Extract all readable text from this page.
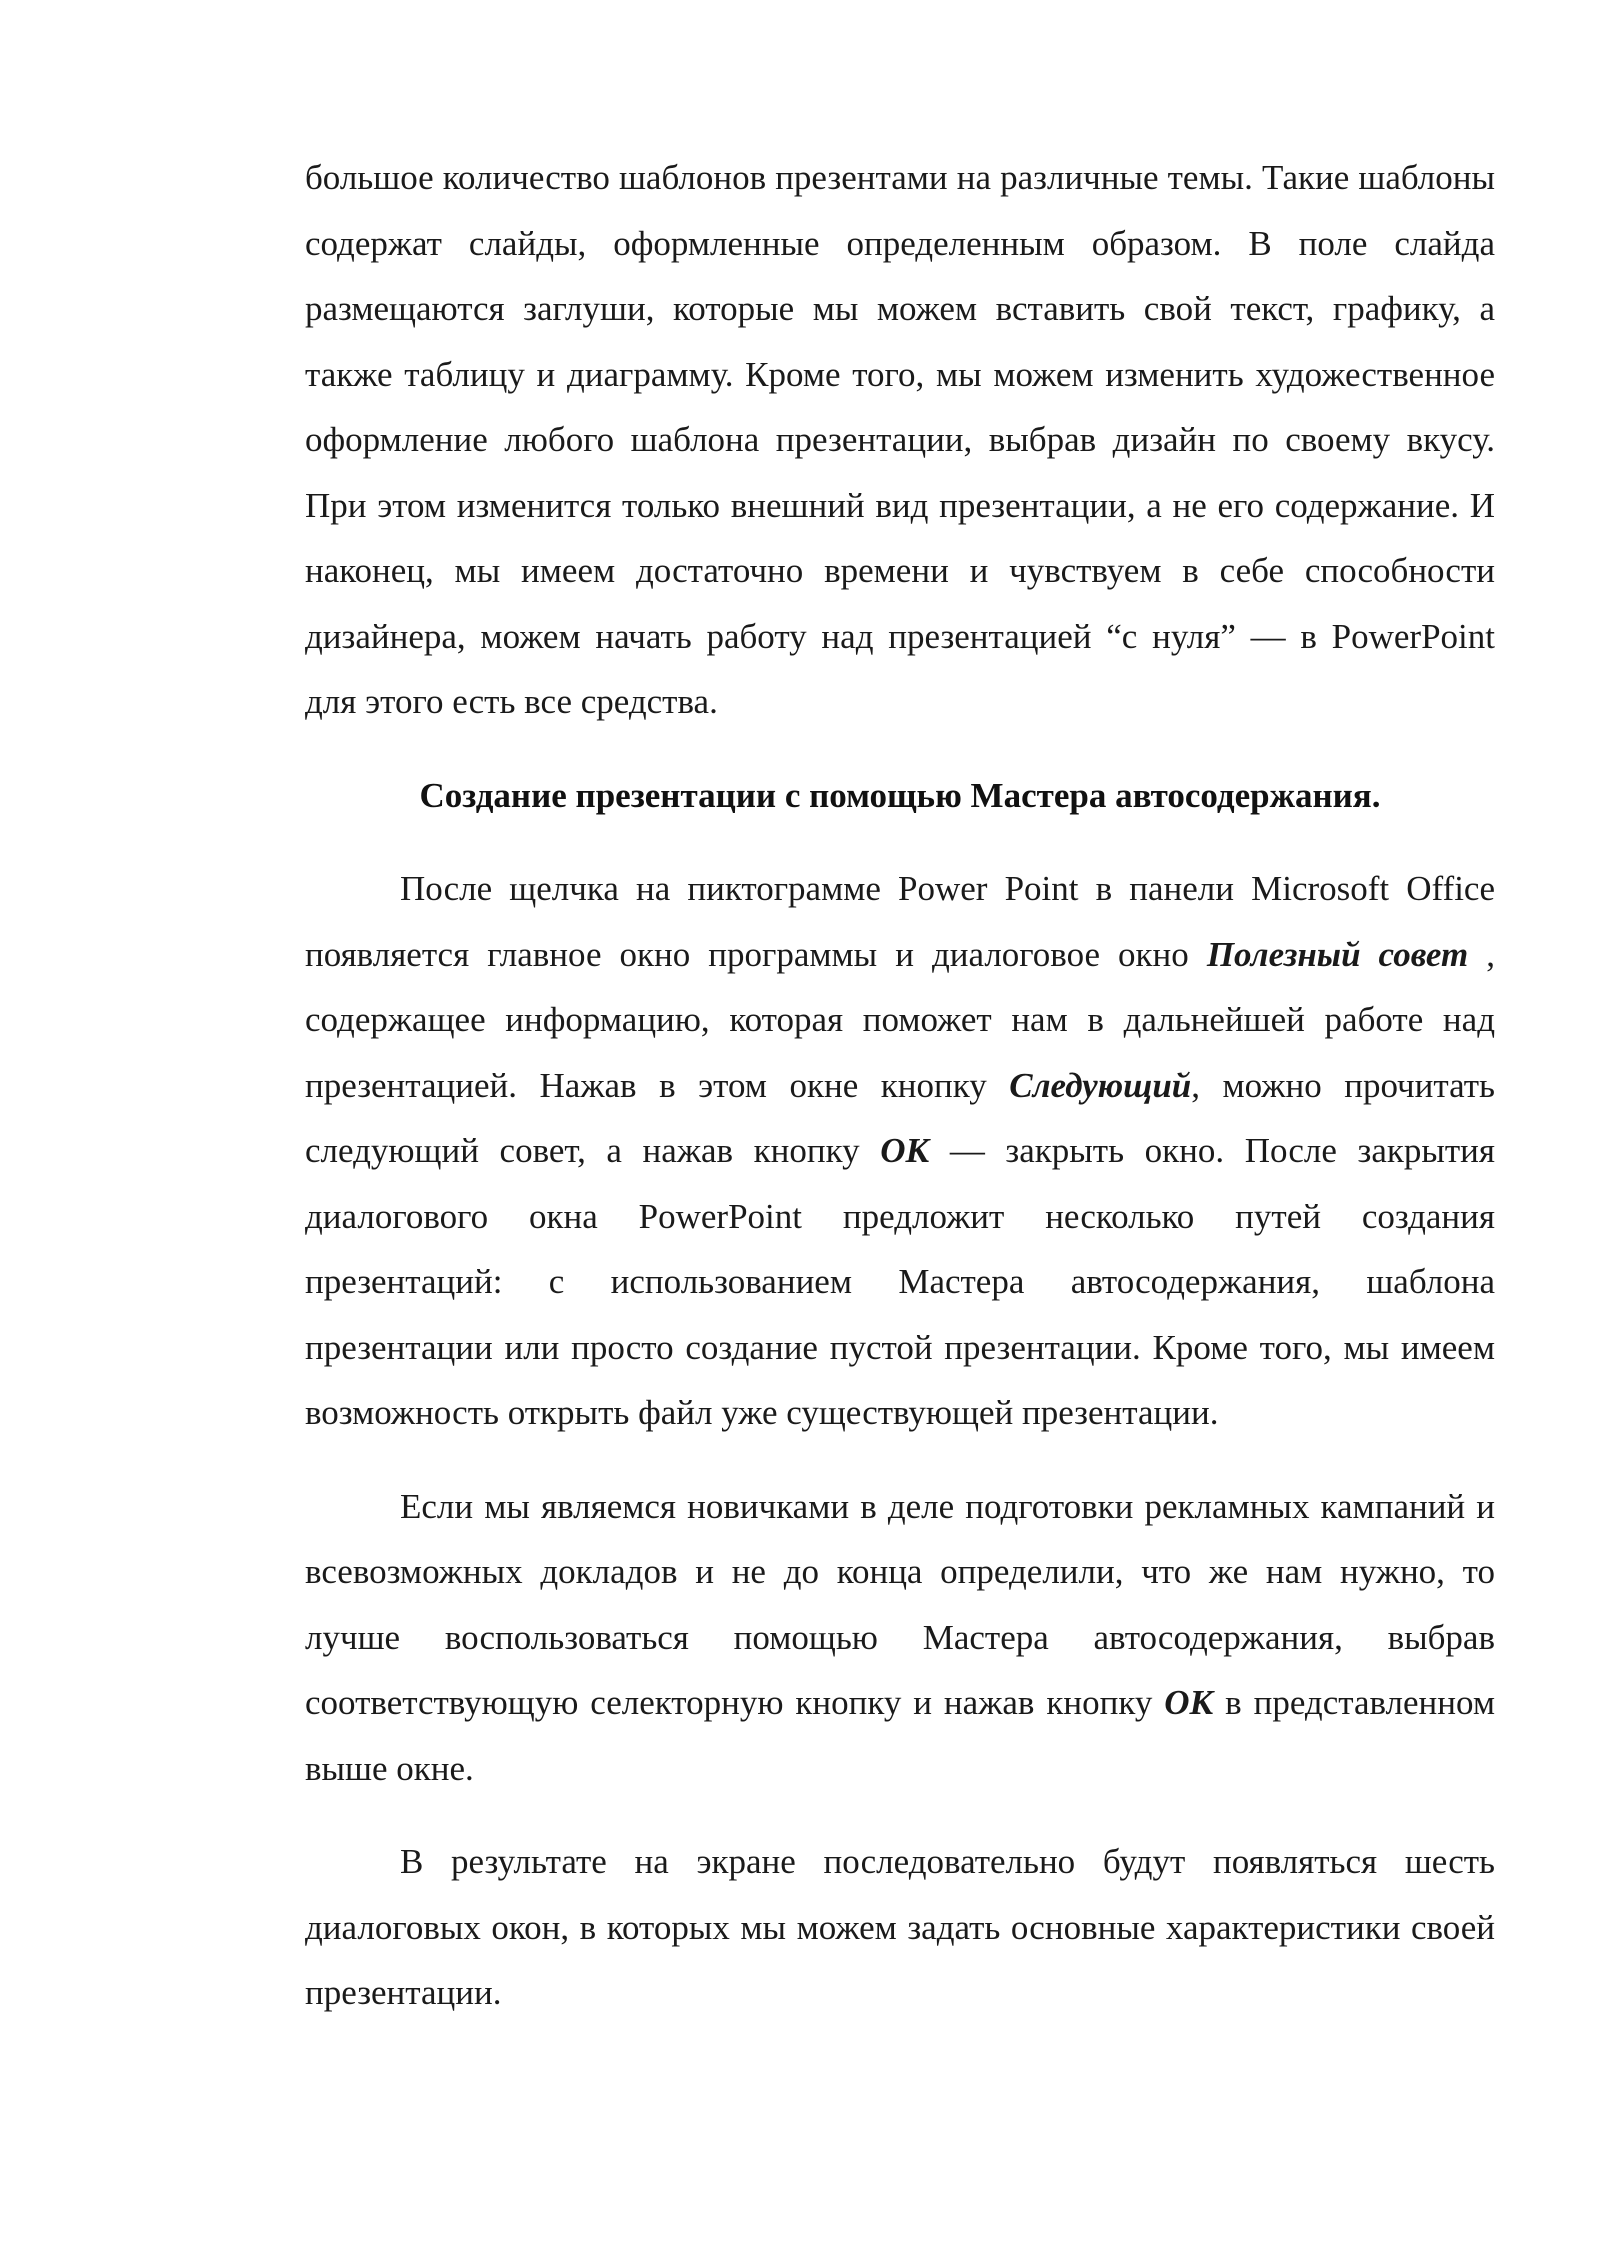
большое количество шаблонов презентами на различные темы. Такие шаблоны содержат слайды, оформленные определенным образом. В поле слайда размещаются заглуши, которые мы можем вставить свой текст, графику, а также таблицу и диаграмму. Кроме того, мы можем изменить художественное оформление любого шаблона презентации, выбрав дизайн по своему вкусу. При этом изменится только внешний вид презентации, а не его содержание. И наконец, мы имеем достаточно времени и чувствуем в себе способности дизайнера, можем начать работу над презентацией “с нуля” — в PowerPoint для этого есть все средства.

Создание презентации с помощью Мастера автосодержания.

После щелчка на пиктограмме Power Point в панели Microsoft Office появляется главное окно программы и диалоговое окно Полезный совет , содержащее информацию, которая поможет нам в дальнейшей работе над презентацией. Нажав в этом окне кнопку Следующий, можно прочитать следующий совет, а нажав кнопку ОК — закрыть окно. После закрытия диалогового окна PowerPoint предложит несколько путей создания презентаций: с использованием Мастера автосодержания, шаблона презентации или просто создание пустой презентации. Кроме того, мы имеем возможность открыть файл уже существующей презентации.

Если мы являемся новичками в деле подготовки рекламных кампаний и всевозможных докладов и не до конца определили, что же нам нужно, то лучше воспользоваться помощью Мастера автосодержания, выбрав соответствующую селекторную кнопку и нажав кнопку ОК в представленном выше окне.

В результате на экране последовательно будут появляться шесть диалоговых окон, в которых мы можем задать основные характеристики своей презентации.
